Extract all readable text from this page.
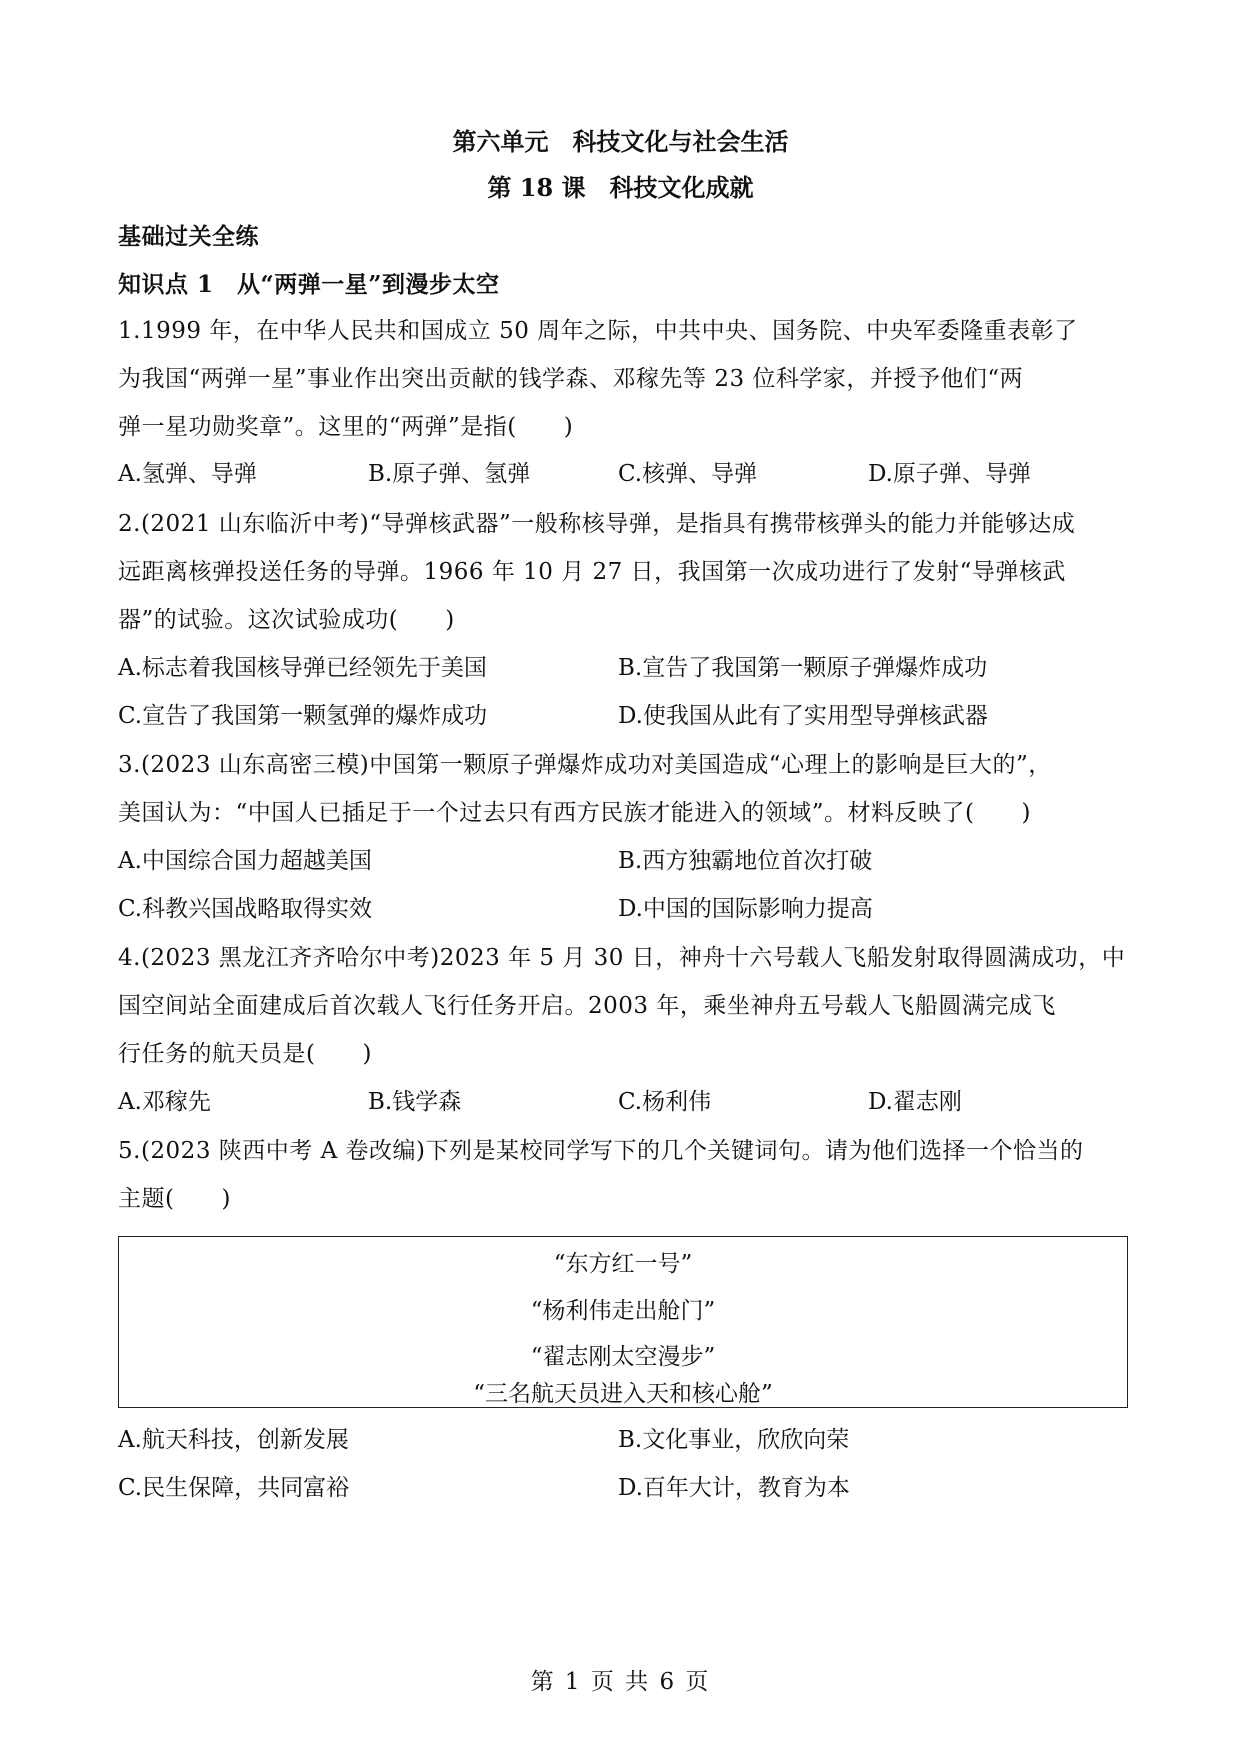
第六单元　科技文化与社会生活
第 18 课　科技文化成就
基础过关全练
知识点 1　从“两弹一星”到漫步太空
1.1999 年，在中华人民共和国成立 50 周年之际，中共中央、国务院、中央军委隆重表彰了
为我国“两弹一星”事业作出突出贡献的钱学森、邓稼先等 23 位科学家，并授予他们“两
弹一星功勋奖章”。这里的“两弹”是指(　　)
A.氢弹、导弹	B.原子弹、氢弹	C.核弹、导弹	D.原子弹、导弹
2.(2021 山东临沂中考)“导弹核武器”一般称核导弹，是指具有携带核弹头的能力并能够达成
远距离核弹投送任务的导弹。1966 年 10 月 27 日，我国第一次成功进行了发射“导弹核武
器”的试验。这次试验成功(　　)
A.标志着我国核导弹已经领先于美国	B.宣告了我国第一颗原子弹爆炸成功
C.宣告了我国第一颗氢弹的爆炸成功	D.使我国从此有了实用型导弹核武器
3.(2023 山东高密三模)中国第一颗原子弹爆炸成功对美国造成“心理上的影响是巨大的”，
美国认为：“中国人已插足于一个过去只有西方民族才能进入的领域”。材料反映了(　　)
A.中国综合国力超越美国	B.西方独霸地位首次打破
C.科教兴国战略取得实效	D.中国的国际影响力提高
4.(2023 黑龙江齐齐哈尔中考)2023 年 5 月 30 日，神舟十六号载人飞船发射取得圆满成功，中
国空间站全面建成后首次载人飞行任务开启。2003 年，乘坐神舟五号载人飞船圆满完成飞
行任务的航天员是(　　)
A.邓稼先	B.钱学森	C.杨利伟	D.翟志刚
5.(2023 陕西中考 A 卷改编)下列是某校同学写下的几个关键词句。请为他们选择一个恰当的
主题(　　)
“东方红一号”
“杨利伟走出舱门”
“翟志刚太空漫步”
“三名航天员进入天和核心舱”
A.航天科技，创新发展	B.文化事业，欣欣向荣
C.民生保障，共同富裕	D.百年大计，教育为本
第 1 页 共 6 页
